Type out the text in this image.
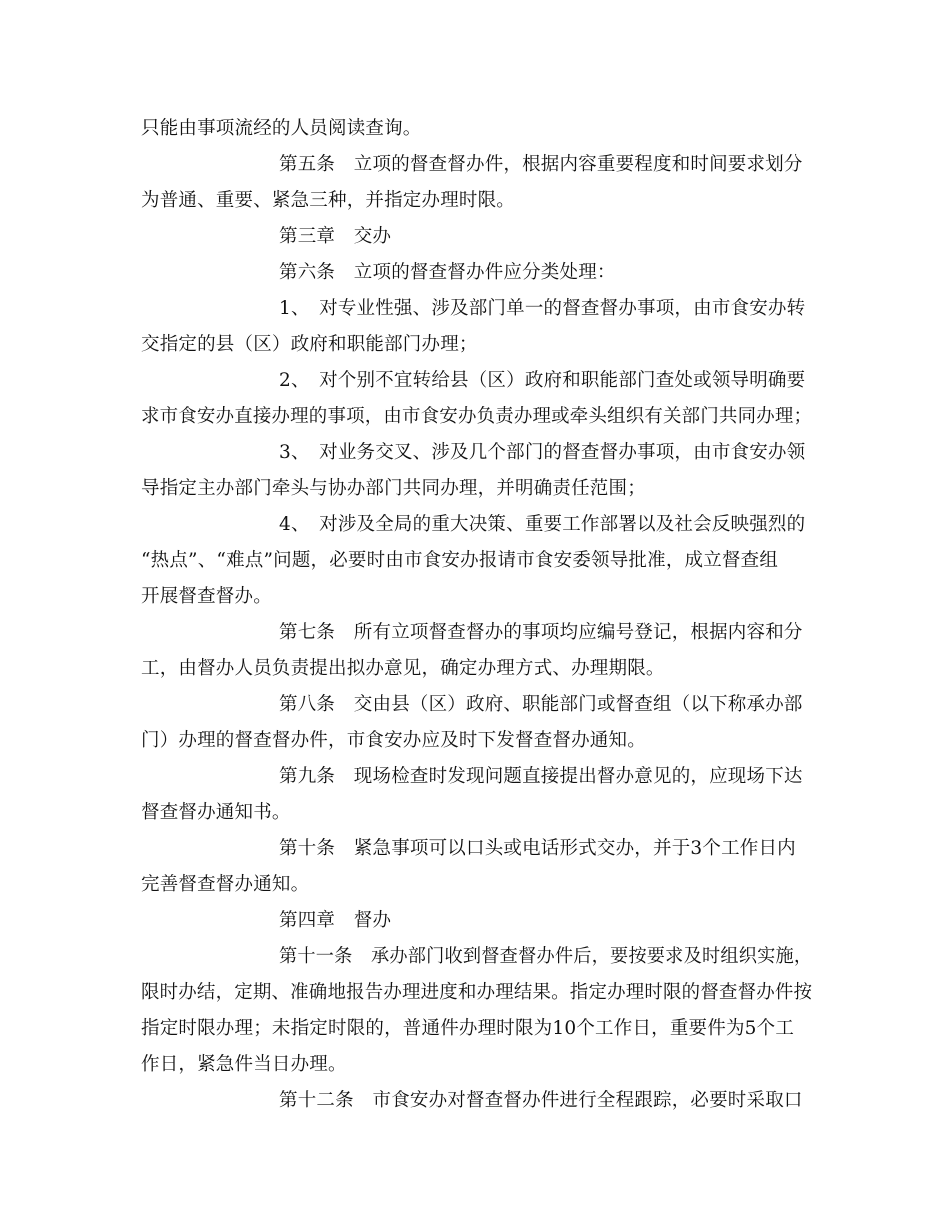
只能由事项流经的人员阅读查询。
第五条　立项的督查督办件，根据内容重要程度和时间要求划分
为普通、重要、紧急三种，并指定办理时限。
第三章　交办
第六条　立项的督查督办件应分类处理：
1、　对专业性强、涉及部门单一的督查督办事项，由市食安办转
交指定的县（区）政府和职能部门办理；
2、　对个别不宜转给县（区）政府和职能部门查处或领导明确要
求市食安办直接办理的事项，由市食安办负责办理或牵头组织有关部门共同办理；
3、　对业务交叉、涉及几个部门的督查督办事项，由市食安办领
导指定主办部门牵头与协办部门共同办理，并明确责任范围；
4、　对涉及全局的重大决策、重要工作部署以及社会反映强烈的
“热点”、“难点”问题，必要时由市食安办报请市食安委领导批准，成立督查组
开展督查督办。
第七条　所有立项督查督办的事项均应编号登记，根据内容和分
工，由督办人员负责提出拟办意见，确定办理方式、办理期限。
第八条　交由县（区）政府、职能部门或督查组（以下称承办部
门）办理的督查督办件，市食安办应及时下发督查督办通知。
第九条　现场检查时发现问题直接提出督办意见的，应现场下达
督查督办通知书。
第十条　紧急事项可以口头或电话形式交办，并于3个工作日内
完善督查督办通知。
第四章　督办
第十一条　承办部门收到督查督办件后，要按要求及时组织实施，
限时办结，定期、准确地报告办理进度和办理结果。指定办理时限的督查督办件按
指定时限办理；未指定时限的，普通件办理时限为10个工作日，重要件为5个工
作日，紧急件当日办理。
第十二条　市食安办对督查督办件进行全程跟踪，必要时采取口
